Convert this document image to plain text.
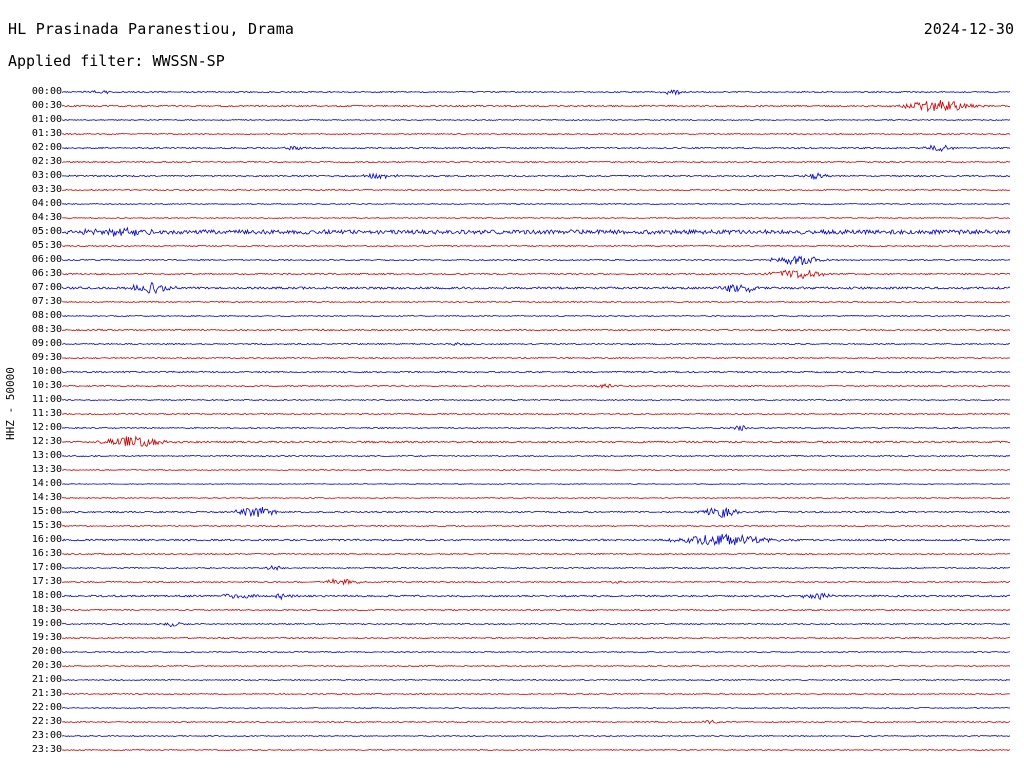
HL Prasinada Paranestiou, Drama	2024-12-30
Applied filter: WWSSN-SP
HHZ - 50000
00:00
00:30
01:00
01:30
02:00
02:30
03:00
03:30
04:00
04:30
05:00
05:30
06:00
06:30
07:00
07:30
08:00
08:30
09:00
09:30
10:00
10:30
11:00
11:30
12:00
12:30
13:00
13:30
14:00
14:30
15:00
15:30
16:00
16:30
17:00
17:30
18:00
18:30
19:00
19:30
20:00
20:30
21:00
21:30
22:00
22:30
23:00
23:30
